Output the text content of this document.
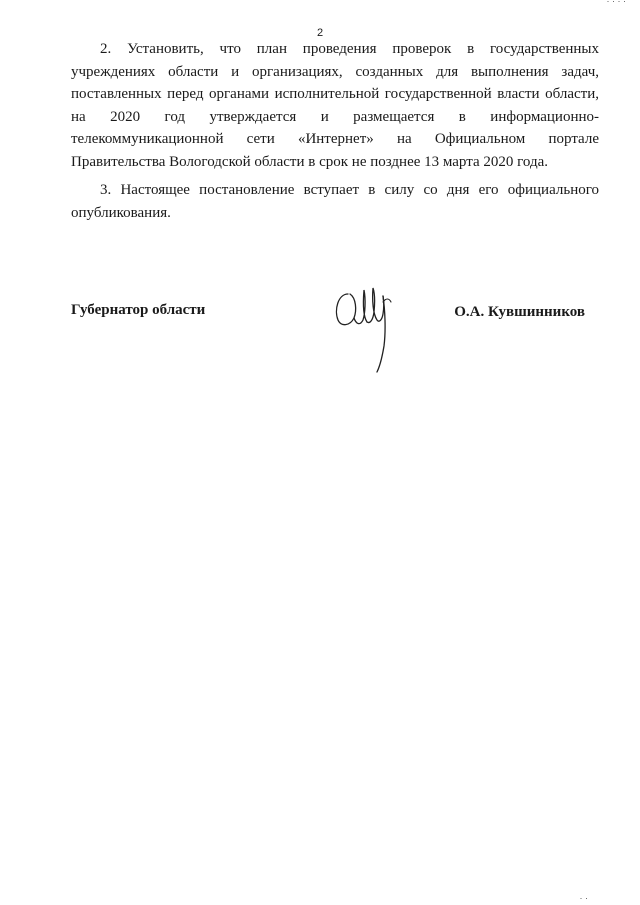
· · · ·
2

2. Установить, что план проведения проверок в государственных учреждениях области и организациях, созданных для выполнения задач, поставленных перед органами исполнительной государственной власти области, на 2020 год утверждается и размещается в информационно-телекоммуникационной сети «Интернет» на Официальном портале Правительства Вологодской области в срок не позднее 13 марта 2020 года.

3. Настоящее постановление вступает в силу со дня его официального опубликования.

Губернатор области	О.А. Кувшинников
· ·
